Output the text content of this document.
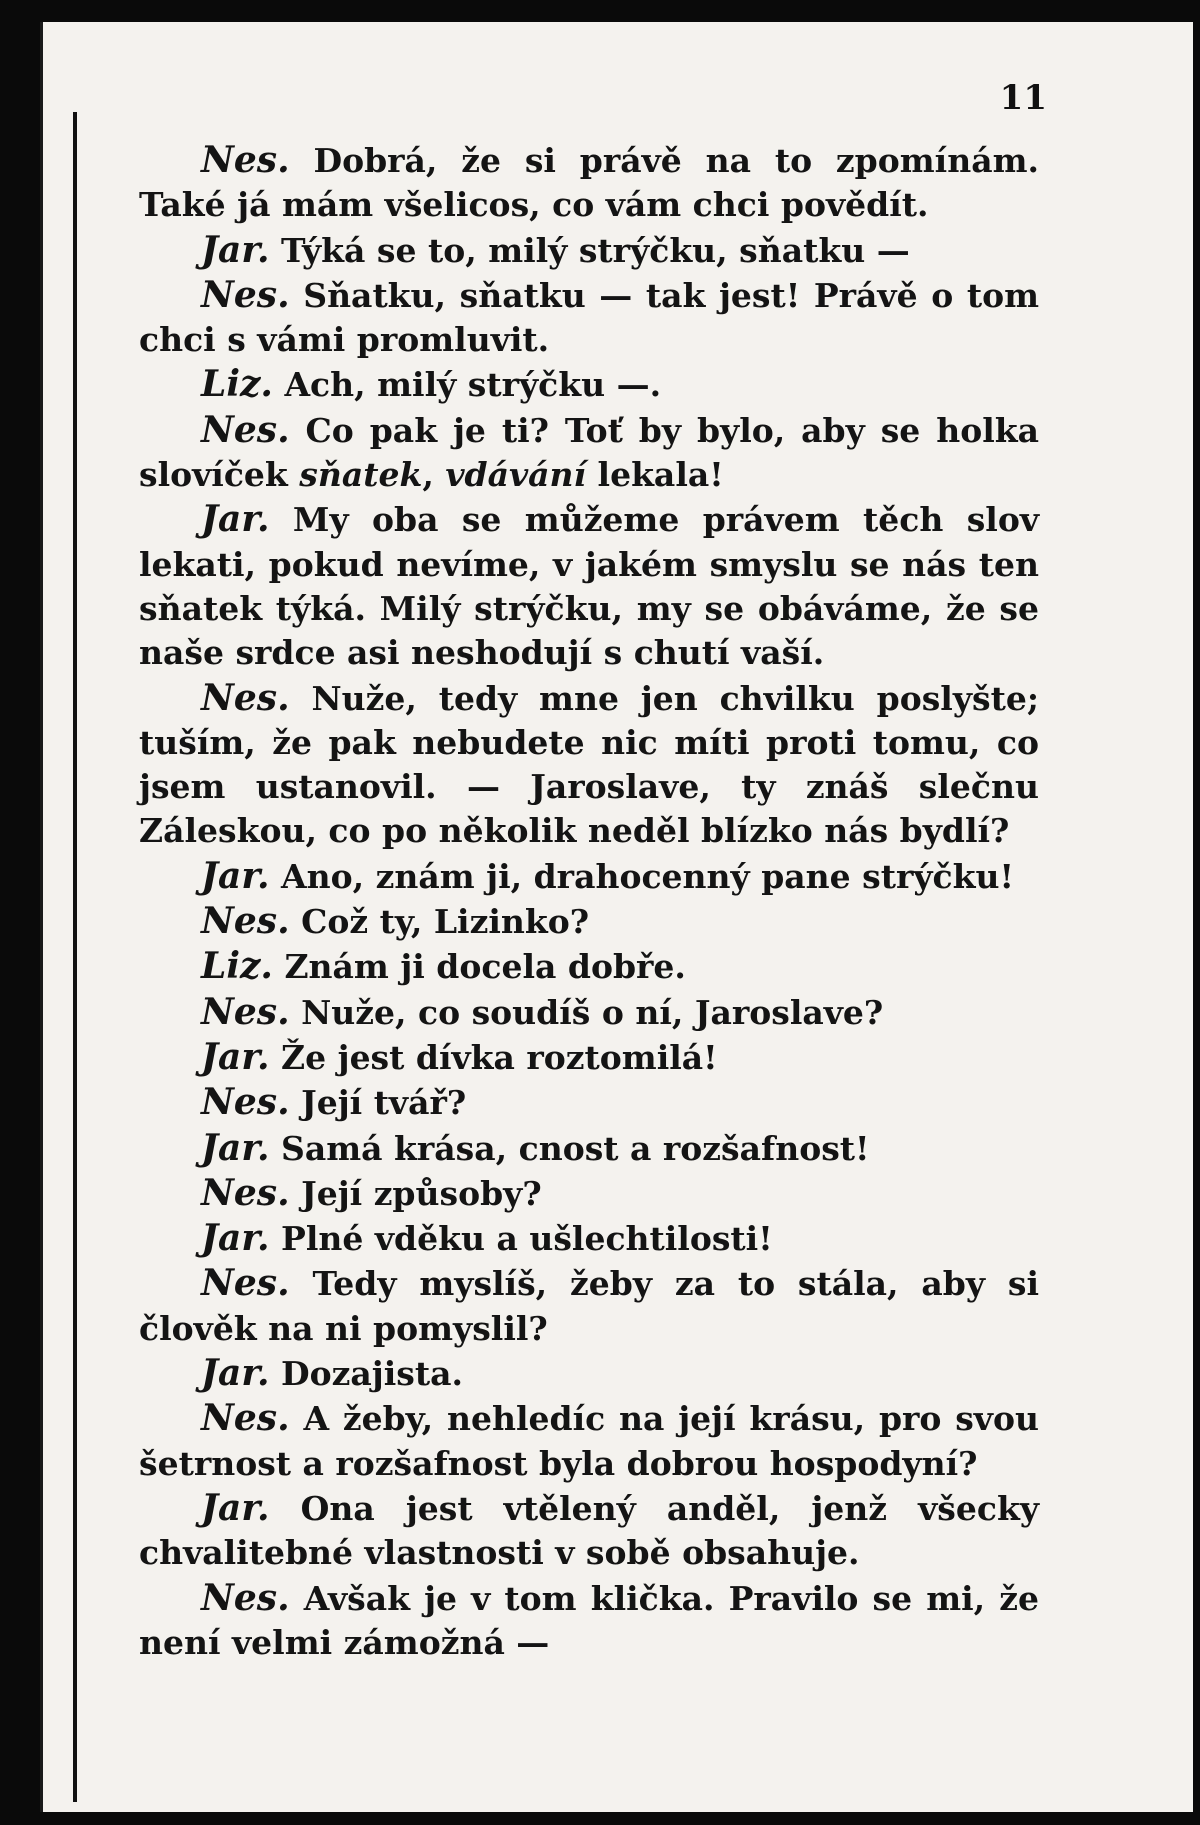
11

Nes. Dobrá, že si právě na to zpomínám. Také já mám všelicos, co vám chci povědít.

Jar. Týká se to, milý strýčku, sňatku —

Nes. Sňatku, sňatku — tak jest! Právě o tom chci s vámi promluvit.

Liz. Ach, milý strýčku —.

Nes. Co pak je ti? Toť by bylo, aby se holka slovíček sňatek, vdávání lekala!

Jar. My oba se můžeme právem těch slov lekati, pokud nevíme, v jakém smyslu se nás ten sňatek týká. Milý strýčku, my se obáváme, že se naše srdce asi neshodují s chutí vaší.

Nes. Nuže, tedy mne jen chvilku poslyšte; tuším, že pak nebudete nic míti proti tomu, co jsem ustanovil. — Jaroslave, ty znáš slečnu Záleskou, co po několik neděl blízko nás bydlí?

Jar. Ano, znám ji, drahocenný pane strýčku!

Nes. Což ty, Lizinko?

Liz. Znám ji docela dobře.

Nes. Nuže, co soudíš o ní, Jaroslave?

Jar. Že jest dívka roztomilá!

Nes. Její tvář?

Jar. Samá krása, cnost a rozšafnost!

Nes. Její způsoby?

Jar. Plné vděku a ušlechtilosti!

Nes. Tedy myslíš, žeby za to stála, aby si člověk na ni pomyslil?

Jar. Dozajista.

Nes. A žeby, nehledíc na její krásu, pro svou šetrnost a rozšafnost byla dobrou hospodyní?

Jar. Ona jest vtělený anděl, jenž všecky chvalitebné vlastnosti v sobě obsahuje.

Nes. Avšak je v tom klička. Pravilo se mi, že není velmi zámožná —
